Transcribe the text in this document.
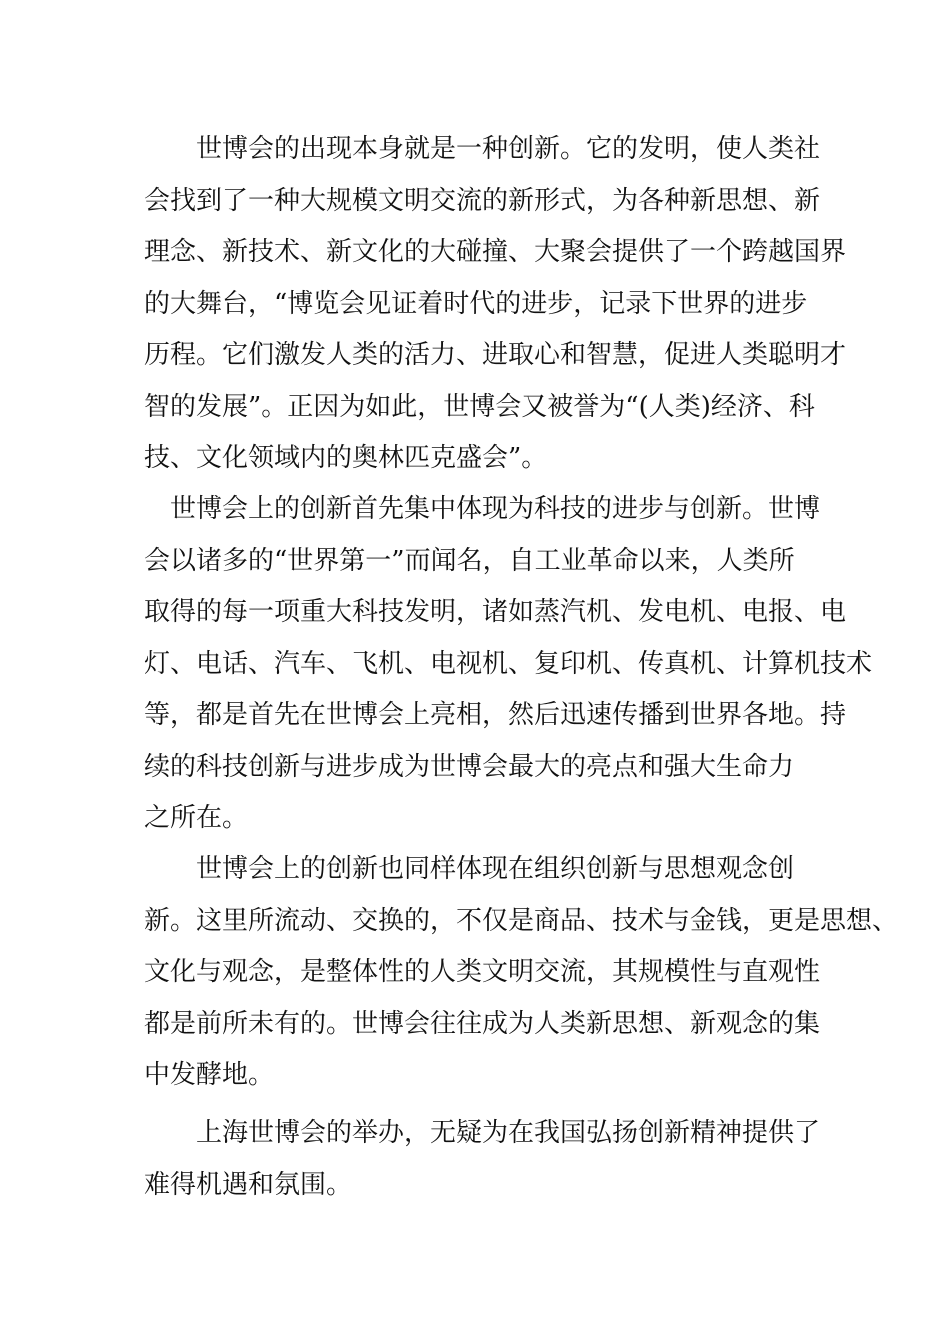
世博会的出现本身就是一种创新。它的发明，使人类社
会找到了一种大规模文明交流的新形式，为各种新思想、新
理念、新技术、新文化的大碰撞、大聚会提供了一个跨越国界
的大舞台，“博览会见证着时代的进步，记录下世界的进步
历程。它们激发人类的活力、进取心和智慧，促进人类聪明才
智的发展”。正因为如此，世博会又被誉为“(人类)经济、科
技、文化领域内的奥林匹克盛会”。
世博会上的创新首先集中体现为科技的进步与创新。世博
会以诸多的“世界第一”而闻名，自工业革命以来，人类所
取得的每一项重大科技发明，诸如蒸汽机、发电机、电报、电
灯、电话、汽车、飞机、电视机、复印机、传真机、计算机技术
等，都是首先在世博会上亮相，然后迅速传播到世界各地。持
续的科技创新与进步成为世博会最大的亮点和强大生命力
之所在。
世博会上的创新也同样体现在组织创新与思想观念创
新。这里所流动、交换的，不仅是商品、技术与金钱，更是思想、
文化与观念，是整体性的人类文明交流，其规模性与直观性
都是前所未有的。世博会往往成为人类新思想、新观念的集
中发酵地。
上海世博会的举办，无疑为在我国弘扬创新精神提供了
难得机遇和氛围。
